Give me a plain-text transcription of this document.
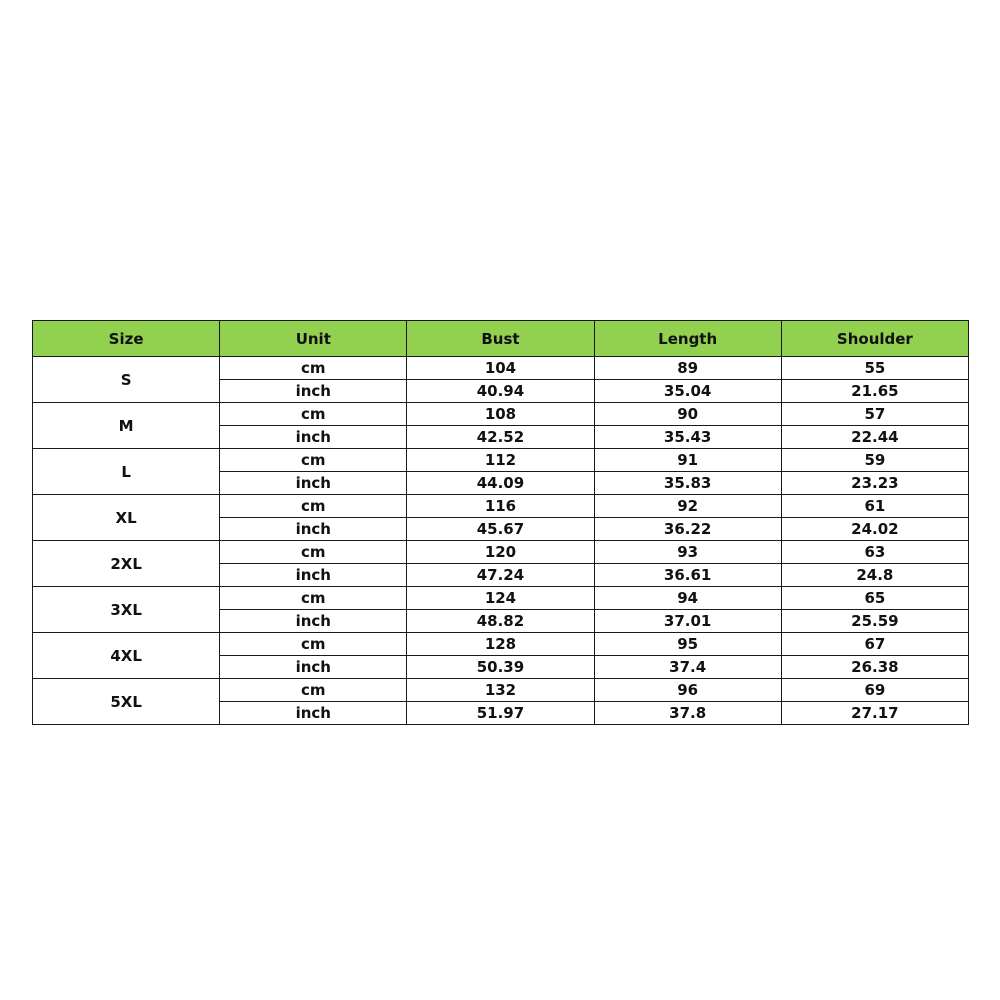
Size	Unit	Bust	Length	Shoulder
S	cm	104	89	55
	inch	40.94	35.04	21.65
M	cm	108	90	57
	inch	42.52	35.43	22.44
L	cm	112	91	59
	inch	44.09	35.83	23.23
XL	cm	116	92	61
	inch	45.67	36.22	24.02
2XL	cm	120	93	63
	inch	47.24	36.61	24.8
3XL	cm	124	94	65
	inch	48.82	37.01	25.59
4XL	cm	128	95	67
	inch	50.39	37.4	26.38
5XL	cm	132	96	69
	inch	51.97	37.8	27.17
